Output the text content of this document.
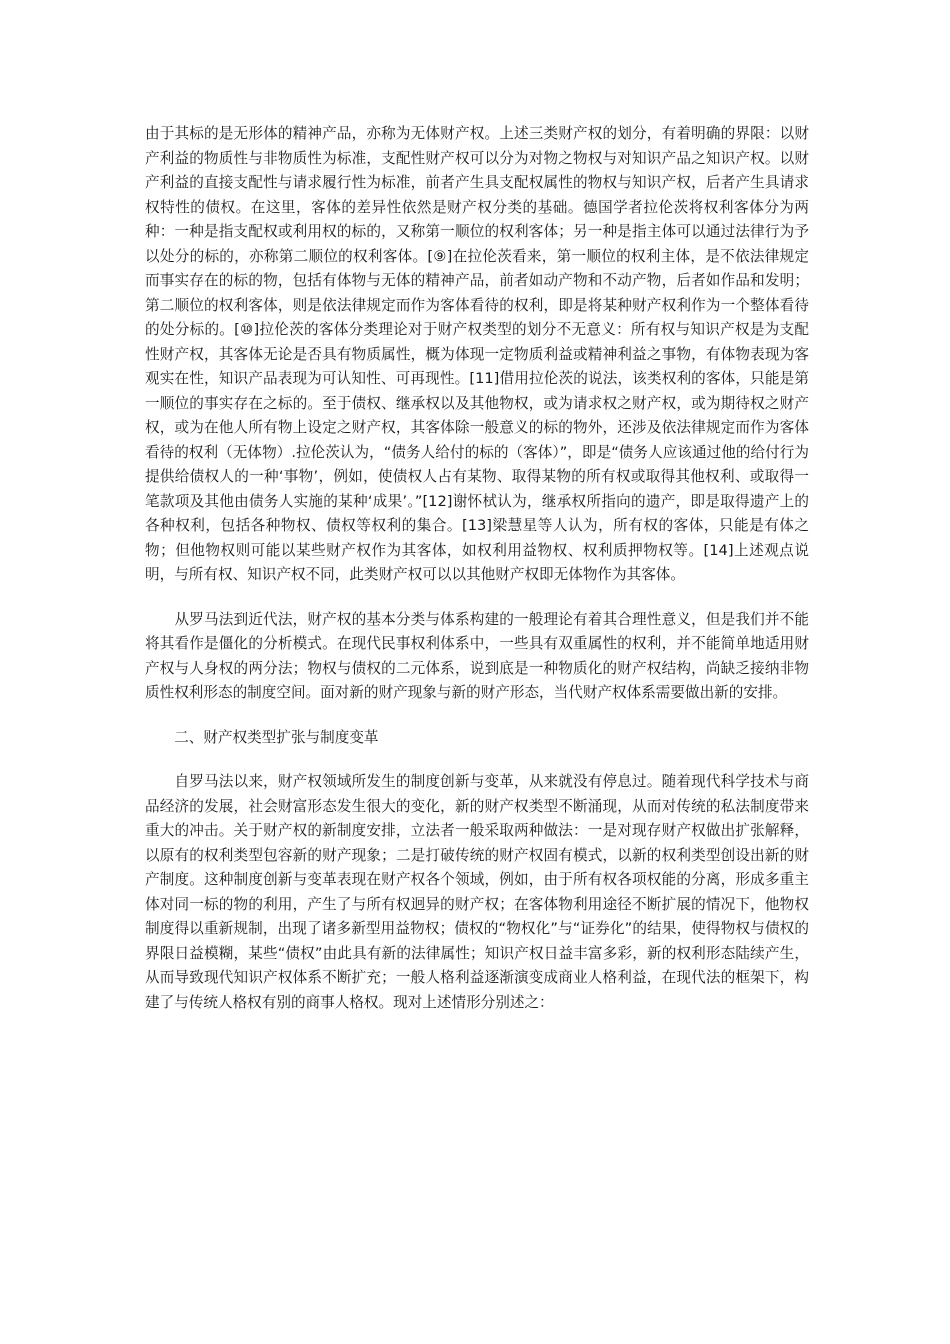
由于其标的是无形体的精神产品，亦称为无体财产权。上述三类财产权的划分，有着明确的界限：以财产利益的物质性与非物质性为标准，支配性财产权可以分为对物之物权与对知识产品之知识产权。以财产利益的直接支配性与请求履行性为标准，前者产生具支配权属性的物权与知识产权，后者产生具请求权特性的债权。在这里，客体的差异性依然是财产权分类的基础。德国学者拉伦茨将权利客体分为两种：一种是指支配权或利用权的标的，又称第一顺位的权利客体；另一种是指主体可以通过法律行为予以处分的标的，亦称第二顺位的权利客体。[⑨]在拉伦茨看来，第一顺位的权利主体，是不依法律规定而事实存在的标的物，包括有体物与无体的精神产品，前者如动产物和不动产物，后者如作品和发明；第二顺位的权利客体，则是依法律规定而作为客体看待的权利，即是将某种财产权利作为一个整体看待的处分标的。[⑩]拉伦茨的客体分类理论对于财产权类型的划分不无意义：所有权与知识产权是为支配性财产权，其客体无论是否具有物质属性，概为体现一定物质利益或精神利益之事物，有体物表现为客观实在性，知识产品表现为可认知性、可再现性。[11]借用拉伦茨的说法，该类权利的客体，只能是第一顺位的事实存在之标的。至于债权、继承权以及其他物权，或为请求权之财产权，或为期待权之财产权，或为在他人所有物上设定之财产权，其客体除一般意义的标的物外，还涉及依法律规定而作为客体看待的权利（无体物）.拉伦茨认为，“债务人给付的标的（客体）”，即是“债务人应该通过他的给付行为提供给债权人的一种‘事物’，例如，使债权人占有某物、取得某物的所有权或取得其他权利、或取得一笔款项及其他由债务人实施的某种‘成果’。”[12]谢怀栻认为，继承权所指向的遗产，即是取得遗产上的各种权利，包括各种物权、债权等权利的集合。[13]梁慧星等人认为，所有权的客体，只能是有体之物；但他物权则可能以某些财产权作为其客体，如权利用益物权、权利质押物权等。[14]上述观点说明，与所有权、知识产权不同，此类财产权可以以其他财产权即无体物作为其客体。

　　从罗马法到近代法，财产权的基本分类与体系构建的一般理论有着其合理性意义，但是我们并不能将其看作是僵化的分析模式。在现代民事权利体系中，一些具有双重属性的权利，并不能简单地适用财产权与人身权的两分法；物权与债权的二元体系，说到底是一种物质化的财产权结构，尚缺乏接纳非物质性权利形态的制度空间。面对新的财产现象与新的财产形态，当代财产权体系需要做出新的安排。

　　二、财产权类型扩张与制度变革

　　自罗马法以来，财产权领域所发生的制度创新与变革，从来就没有停息过。随着现代科学技术与商品经济的发展，社会财富形态发生很大的变化，新的财产权类型不断涌现，从而对传统的私法制度带来重大的冲击。关于财产权的新制度安排，立法者一般采取两种做法：一是对现存财产权做出扩张解释，以原有的权利类型包容新的财产现象；二是打破传统的财产权固有模式，以新的权利类型创设出新的财产制度。这种制度创新与变革表现在财产权各个领域，例如，由于所有权各项权能的分离，形成多重主体对同一标的物的利用，产生了与所有权迥异的财产权；在客体物利用途径不断扩展的情况下，他物权制度得以重新规制，出现了诸多新型用益物权；债权的“物权化”与“证券化”的结果，使得物权与债权的界限日益模糊，某些“债权”由此具有新的法律属性；知识产权日益丰富多彩，新的权利形态陆续产生，从而导致现代知识产权体系不断扩充；一般人格利益逐渐演变成商业人格利益，在现代法的框架下，构建了与传统人格权有别的商事人格权。现对上述情形分别述之：
